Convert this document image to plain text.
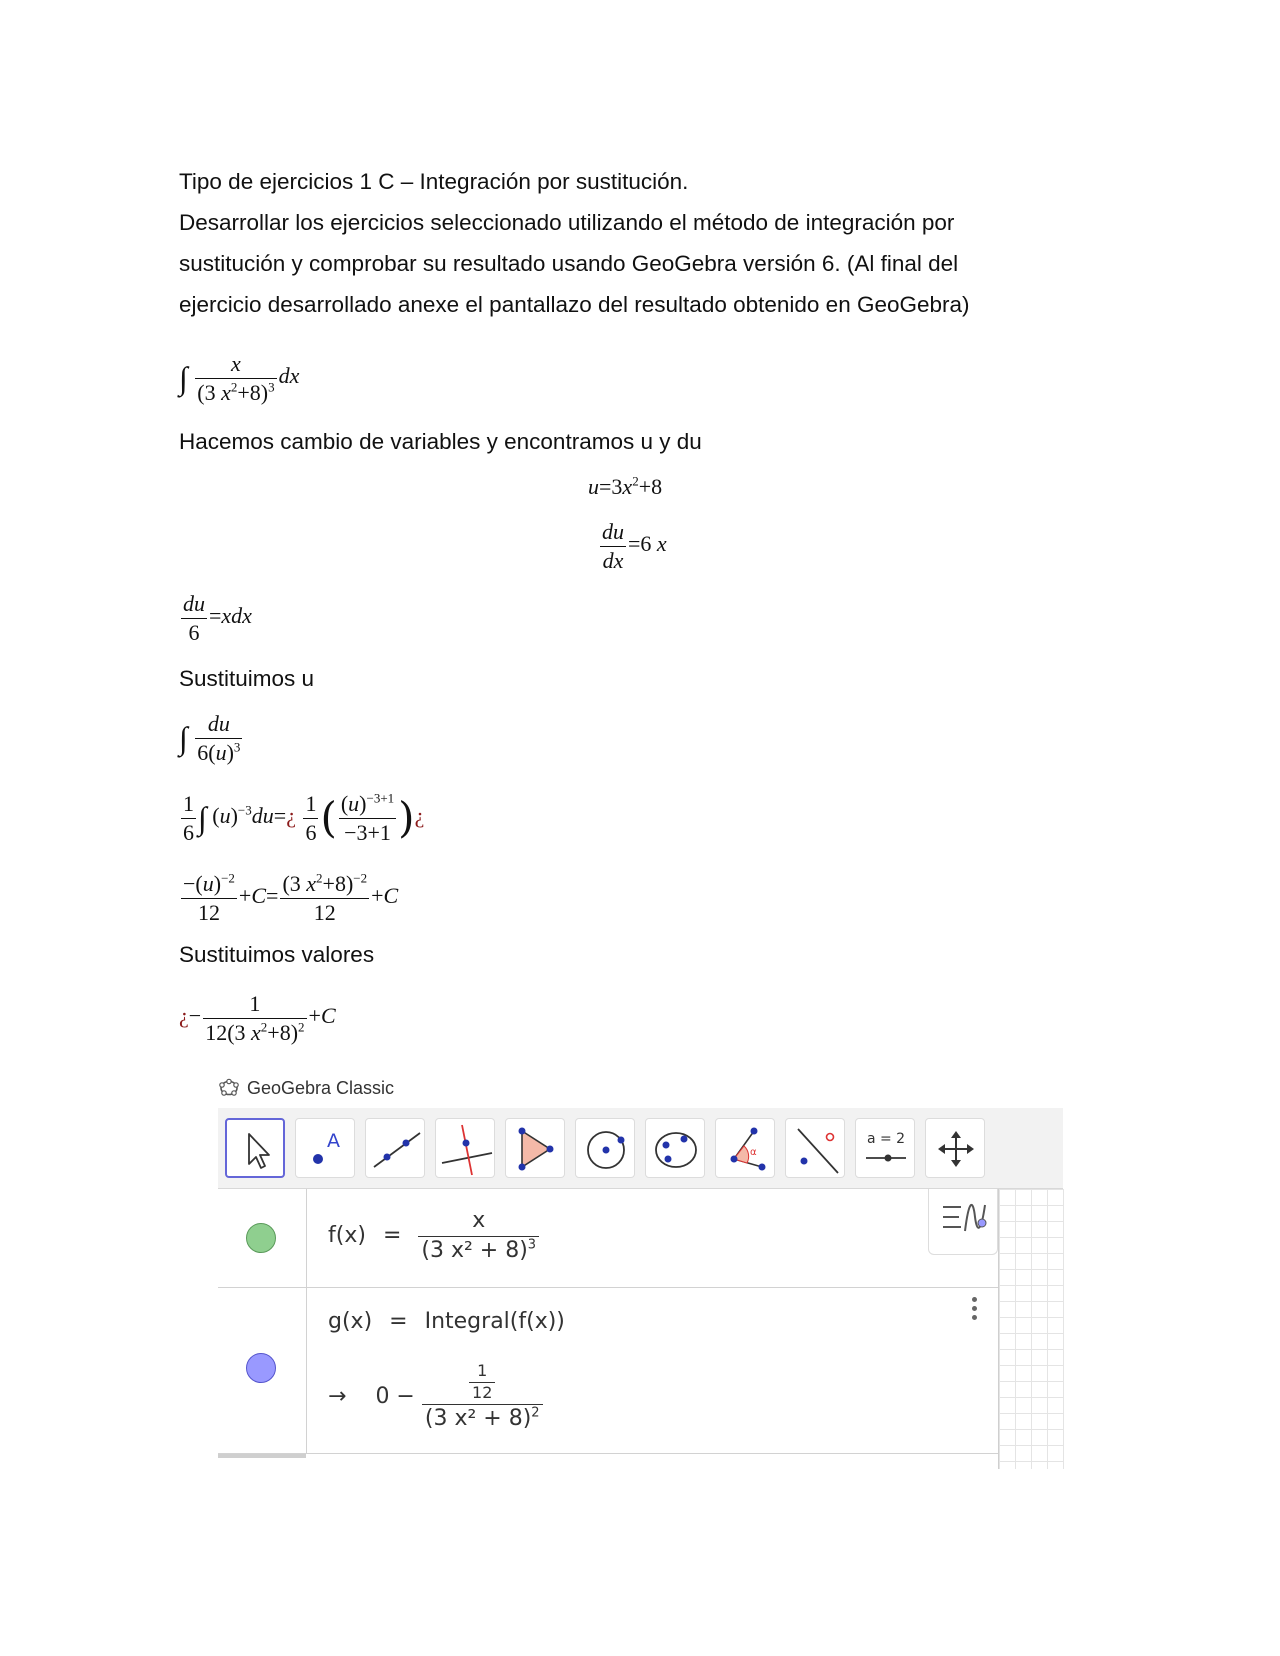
Tipo de ejercicios 1 C – Integración por sustitución.
Desarrollar los ejercicios seleccionado utilizando el método de integración por
sustitución y comprobar su resultado usando GeoGebra versión 6. (Al final del
ejercicio desarrollado anexe el pantallazo del resultado obtenido en GeoGebra)
∫ $\frac{x}{(3 x^2+8)^3}$ dx
Hacemos cambio de variables y encontramos u y du
$u=3x^2+8$
$\frac{du}{dx} =6$ x
$\frac{du}{6} =xdx$
Sustituimos u
∫ $\frac{du}{6(u)^3}$
$\frac{1}{6}$ ∫ $(u)^{-3}du=¿ \frac{1}{6}$ ( $\frac{(u)^{-3+1}}{-3+1}$ )¿
$\frac{-(u)^{-2}}{12} +C= \frac{(3 x^2+8)^{-2}}{12} +C$
Sustituimos valores
¿− $\frac{1}{12(3 x^2+8)^2} +C$
GeoGebra Classic
A
α
a = 2
$f(x) = \frac{x}{(3 x^2 + 8)^3}$
g(x) = Integral(f(x))
→ $0 - \frac{\frac{1}{12}}{(3 x^2 + 8)^2}$
